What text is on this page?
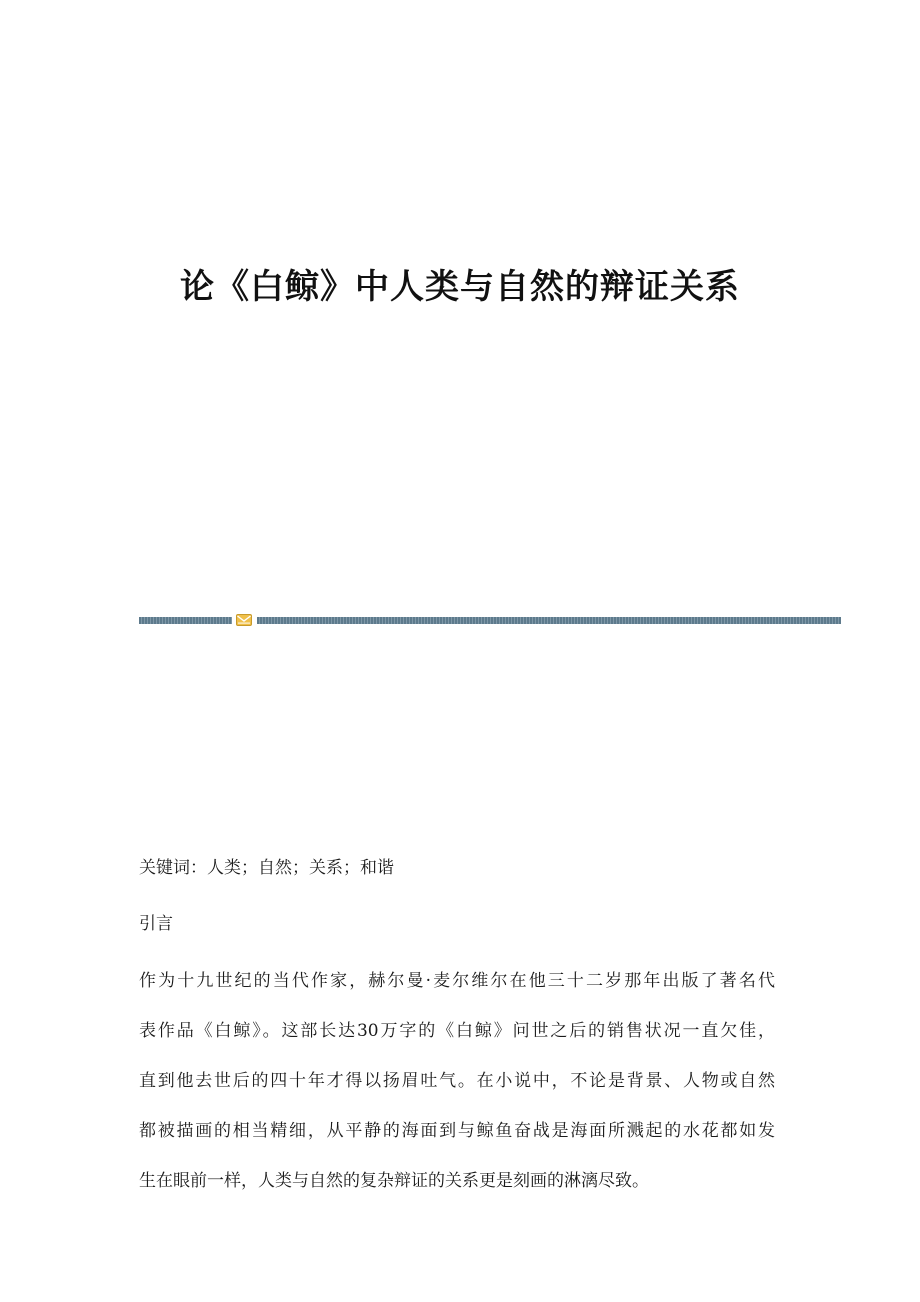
论《白鲸》中人类与自然的辩证关系

关键词：人类；自然；关系；和谐

引言

作为十九世纪的当代作家，赫尔曼·麦尔维尔在他三十二岁那年出版了著名代
表作品《白鲸》。这部长达30万字的《白鲸》问世之后的销售状况一直欠佳，
直到他去世后的四十年才得以扬眉吐气。在小说中，不论是背景、人物或自然
都被描画的相当精细，从平静的海面到与鲸鱼奋战是海面所溅起的水花都如发
生在眼前一样，人类与自然的复杂辩证的关系更是刻画的淋漓尽致。
